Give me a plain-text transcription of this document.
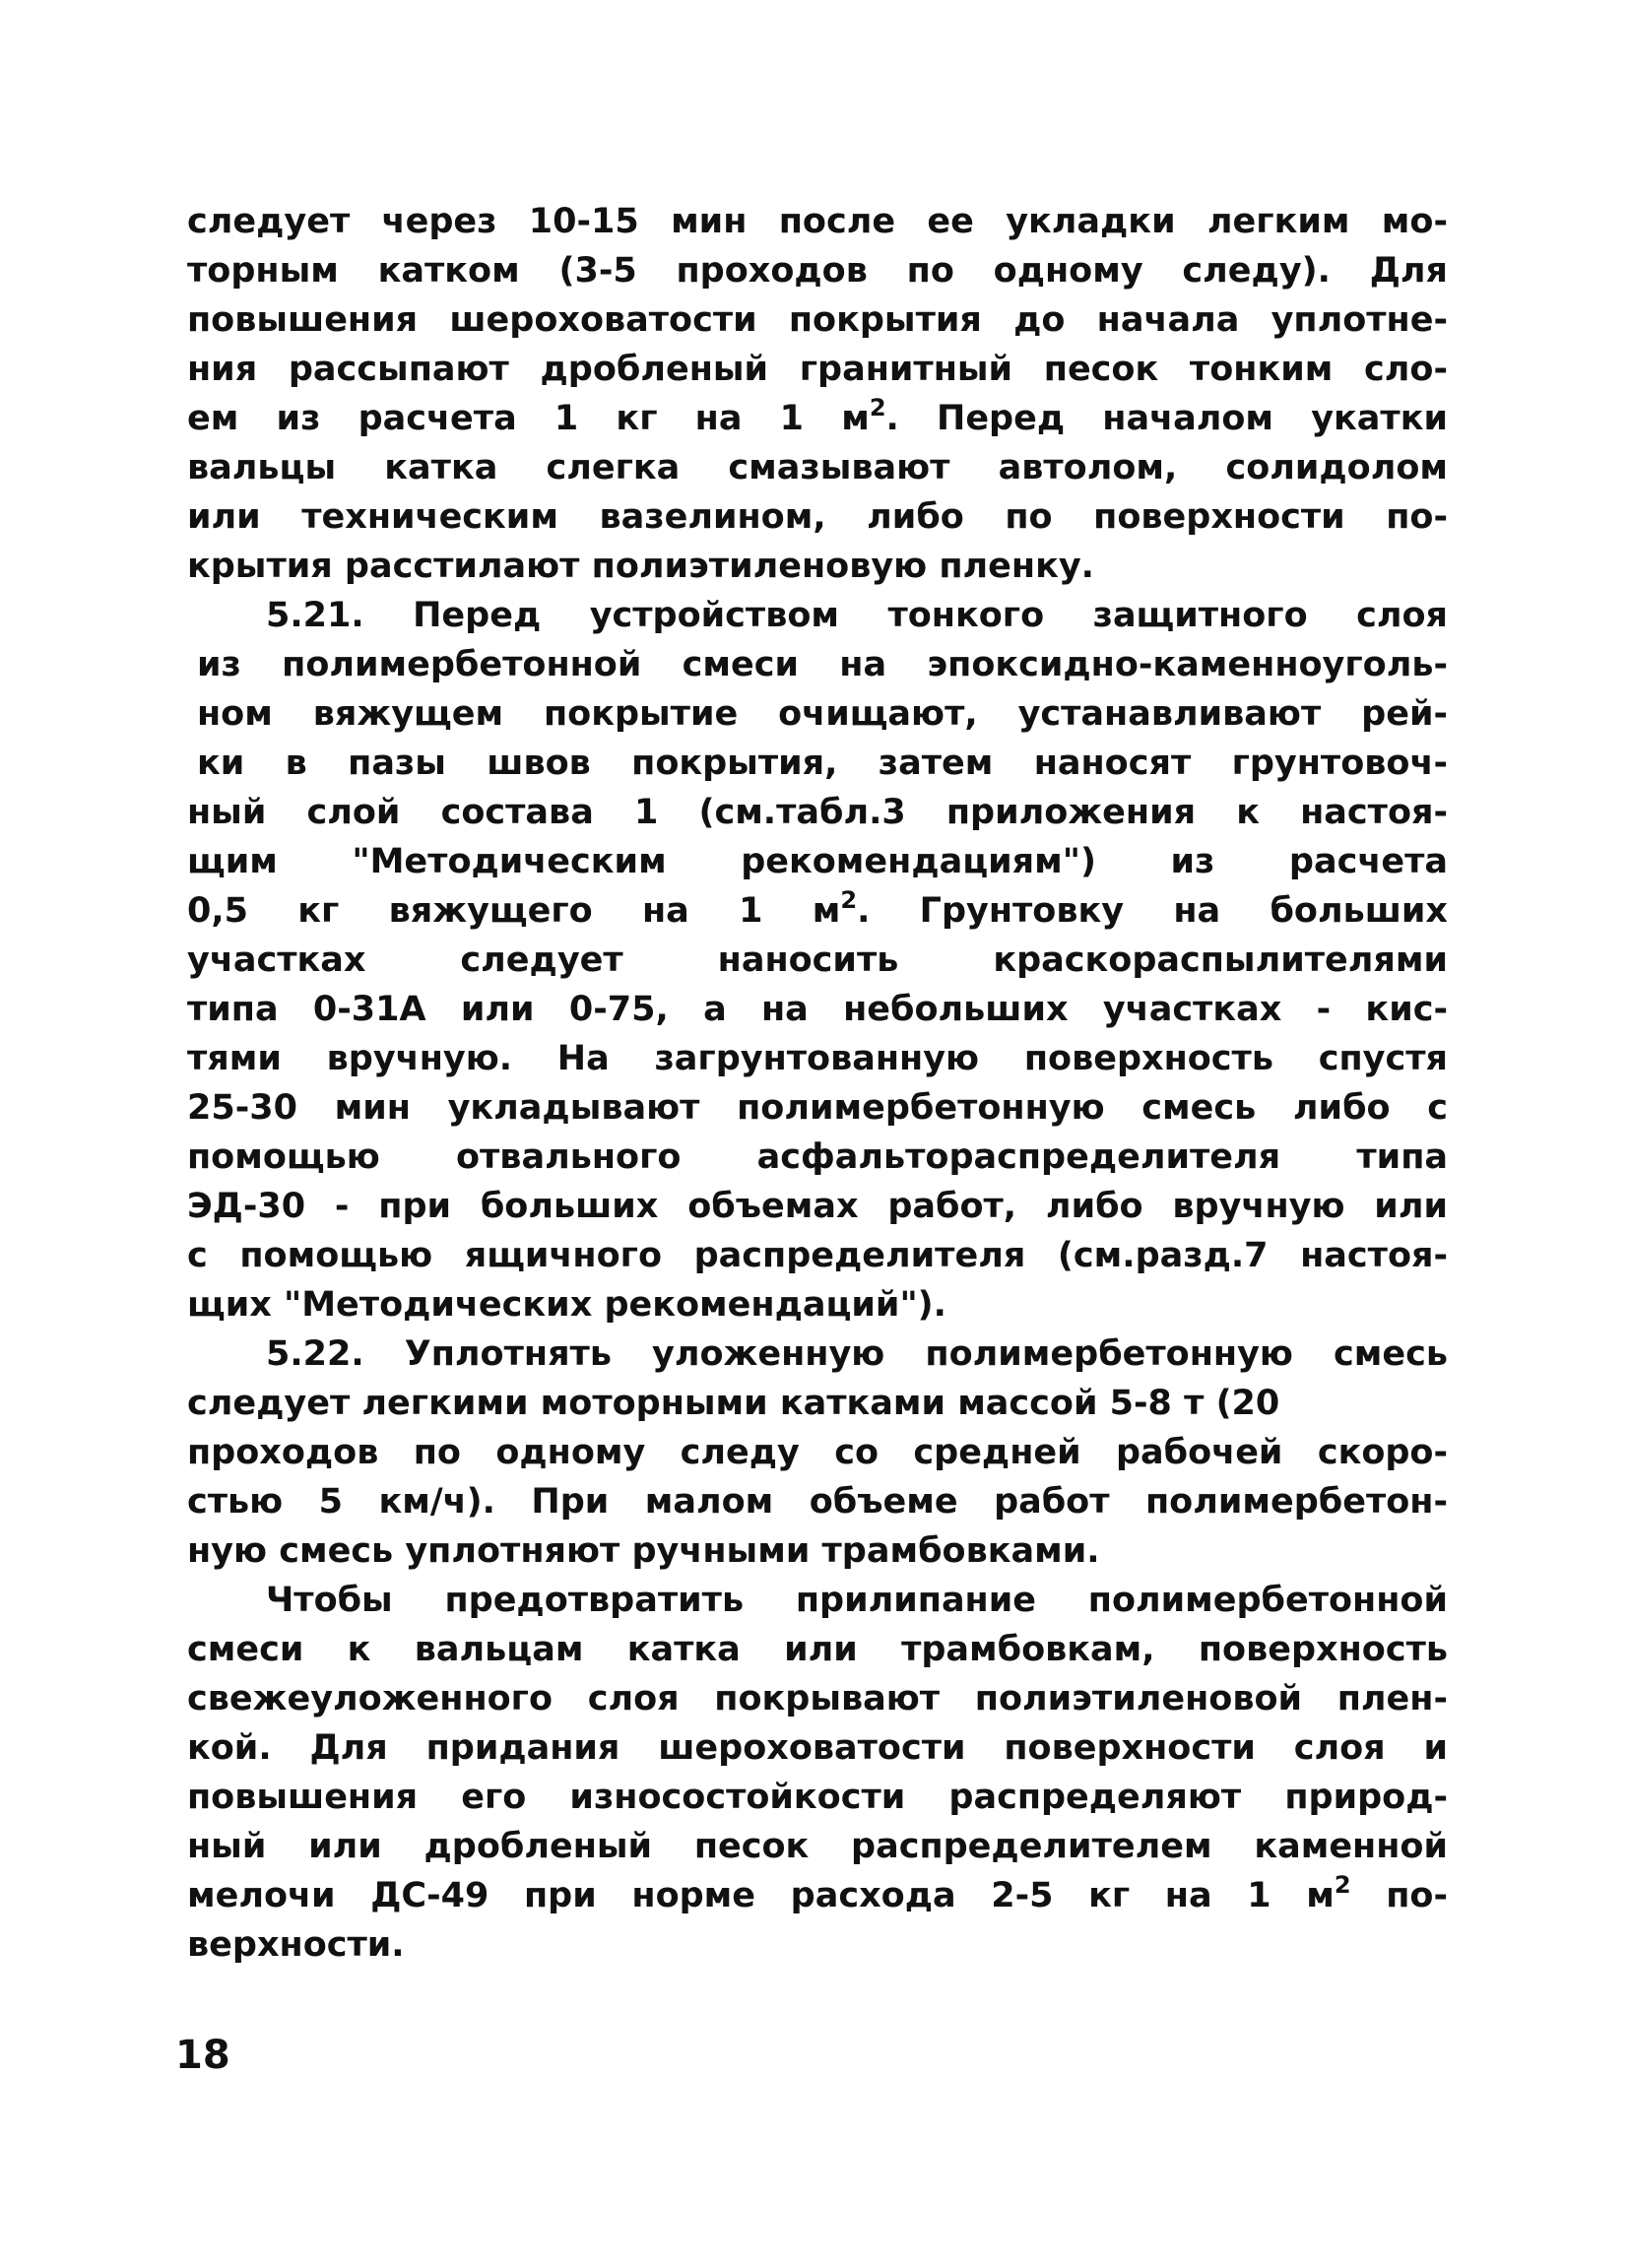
следует через 10-15 мин после ее укладки легким мо-
торным катком (3-5 проходов по одному следу). Для
повышения шероховатости покрытия до начала уплотне-
ния рассыпают дробленый гранитный песок тонким сло-
ем из расчета 1 кг на 1 $м^2$. Перед началом укатки
вальцы катка слегка смазывают автолом, солидолом
или техническим вазелином, либо по поверхности по-
крытия расстилают полиэтиленовую пленку.
5.21. Перед устройством тонкого защитного слоя
из полимербетонной смеси на эпоксидно-каменноуголь-
ном вяжущем покрытие очищают, устанавливают рей-
ки в пазы швов покрытия, затем наносят грунтовоч-
ный слой состава 1 (см.табл.3 приложения к настоя-
щим "Методическим рекомендациям") из расчета
0,5 кг вяжущего на 1 $м^2$. Грунтовку на больших
участках следует наносить краскораспылителями
типа 0-31А или 0-75, а на небольших участках - кис-
тями вручную. На загрунтованную поверхность спустя
25-30 мин укладывают полимербетонную смесь либо с
помощью отвального асфальтораспределителя типа
ЭД-30 - при больших объемах работ, либо вручную или
с помощью ящичного распределителя (см.разд.7 настоя-
щих "Методических рекомендаций").
5.22. Уплотнять уложенную полимербетонную смесь
следует легкими моторными катками массой 5-8 т (20
проходов по одному следу со средней рабочей скоро-
стью 5 км/ч). При малом объеме работ полимербетон-
ную смесь уплотняют ручными трамбовками.
Чтобы предотвратить прилипание полимербетонной
смеси к вальцам катка или трамбовкам, поверхность
свежеуложенного слоя покрывают полиэтиленовой плен-
кой. Для придания шероховатости поверхности слоя и
повышения его износостойкости распределяют природ-
ный или дробленый песок распределителем каменной
мелочи ДС-49 при норме расхода 2-5 кг на 1 $м^2$ по-
верхности.
18
